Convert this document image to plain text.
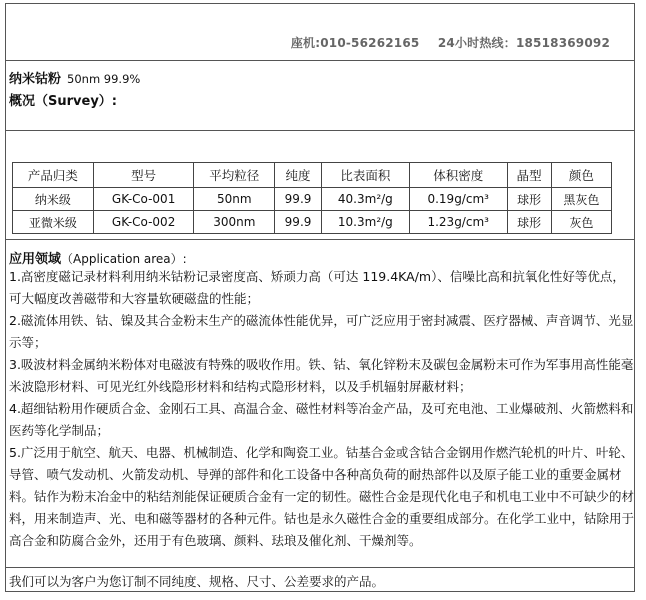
座机:010-56262165 24小时热线：18518369092
纳米钴粉 50nm 99.9%
概况（Survey）:
产品归类	型号	平均粒径	纯度	比表面积	体积密度	晶型	颜色
纳米级	GK-Co-001	50nm	99.9	40.3m²/g	0.19g/cm³	球形	黑灰色
亚微米级	GK-Co-002	300nm	99.9	10.3m²/g	1.23g/cm³	球形	灰色
应用领域（Application area）:
1.高密度磁记录材料利用纳米钴粉记录密度高、矫顽力高（可达 119.4KA/m）、信噪比高和抗氧化性好等优点，可大幅度改善磁带和大容量软硬磁盘的性能；
2.磁流体用铁、钴、镍及其合金粉末生产的磁流体性能优异，可广泛应用于密封减震、医疗器械、声音调节、光显示等；
3.吸波材料金属纳米粉体对电磁波有特殊的吸收作用。铁、钴、氧化锌粉末及碳包金属粉末可作为军事用高性能毫米波隐形材料、可见光红外线隐形材料和结构式隐形材料，以及手机辐射屏蔽材料；
4.超细钴粉用作硬质合金、金刚石工具、高温合金、磁性材料等冶金产品，及可充电池、工业爆破剂、火箭燃料和医药等化学制品；
5.广泛用于航空、航天、电器、机械制造、化学和陶瓷工业。钴基合金或含钴合金钢用作燃汽轮机的叶片、叶轮、导管、喷气发动机、火箭发动机、导弹的部件和化工设备中各种高负荷的耐热部件以及原子能工业的重要金属材料。钴作为粉末冶金中的粘结剂能保证硬质合金有一定的韧性。磁性合金是现代化电子和机电工业中不可缺少的材料，用来制造声、光、电和磁等器材的各种元件。钴也是永久磁性合金的重要组成部分。在化学工业中，钴除用于高合金和防腐合金外，还用于有色玻璃、颜料、珐琅及催化剂、干燥剂等。
我们可以为客户为您订制不同纯度、规格、尺寸、公差要求的产品。
